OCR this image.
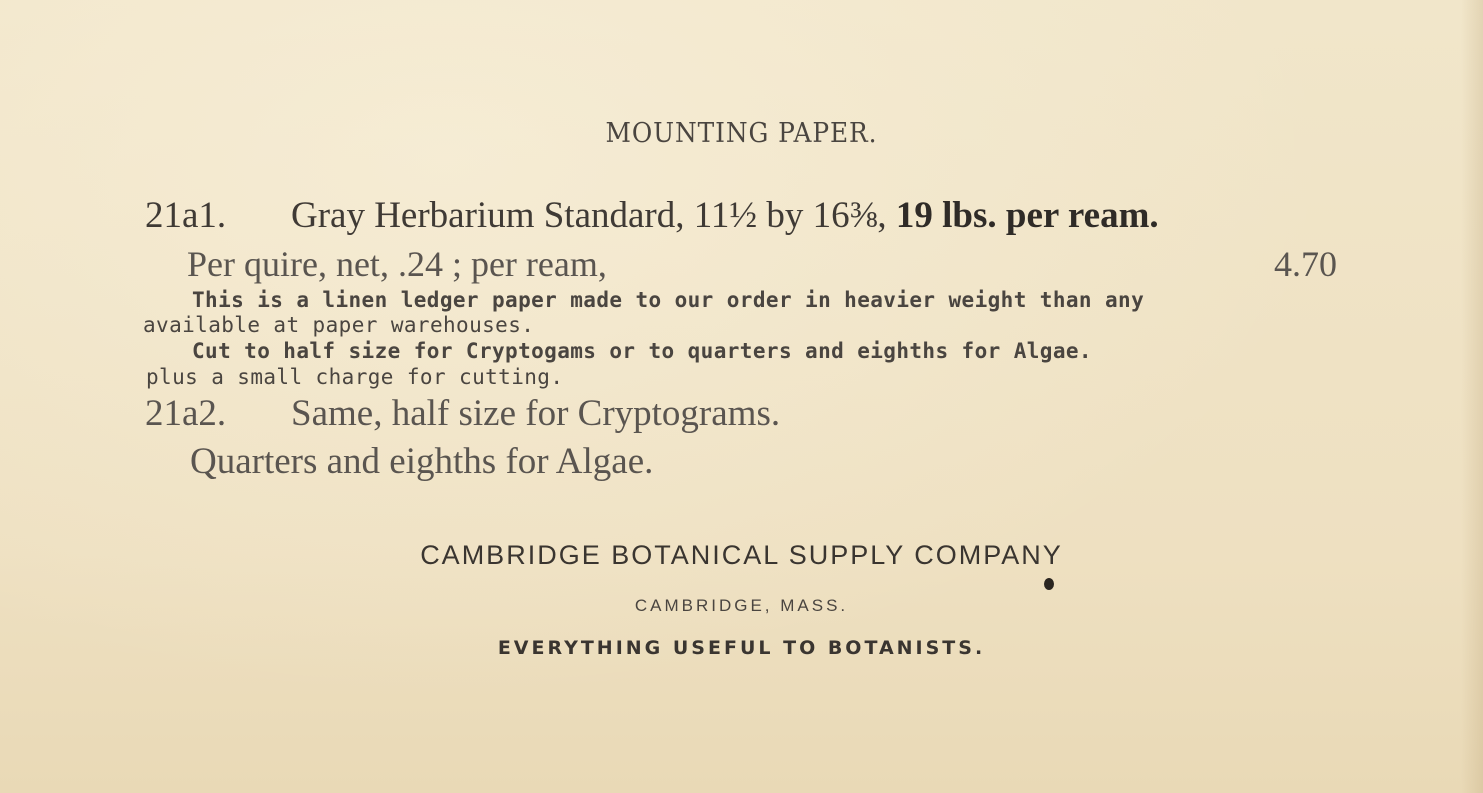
MOUNTING PAPER.
21a1. Gray Herbarium Standard, 11½ by 16⅜, 19 lbs. per ream.
Per quire, net, .24 ; per ream,	4.70
This is a linen ledger paper made to our order in heavier weight than any
available at paper warehouses.
Cut to half size for Cryptogams or to quarters and eighths for Algae.
plus a small charge for cutting.
21a2. Same, half size for Cryptograms.
Quarters and eighths for Algae.
CAMBRIDGE BOTANICAL SUPPLY COMPANY
CAMBRIDGE, MASS.
EVERYTHING USEFUL TO BOTANISTS.
